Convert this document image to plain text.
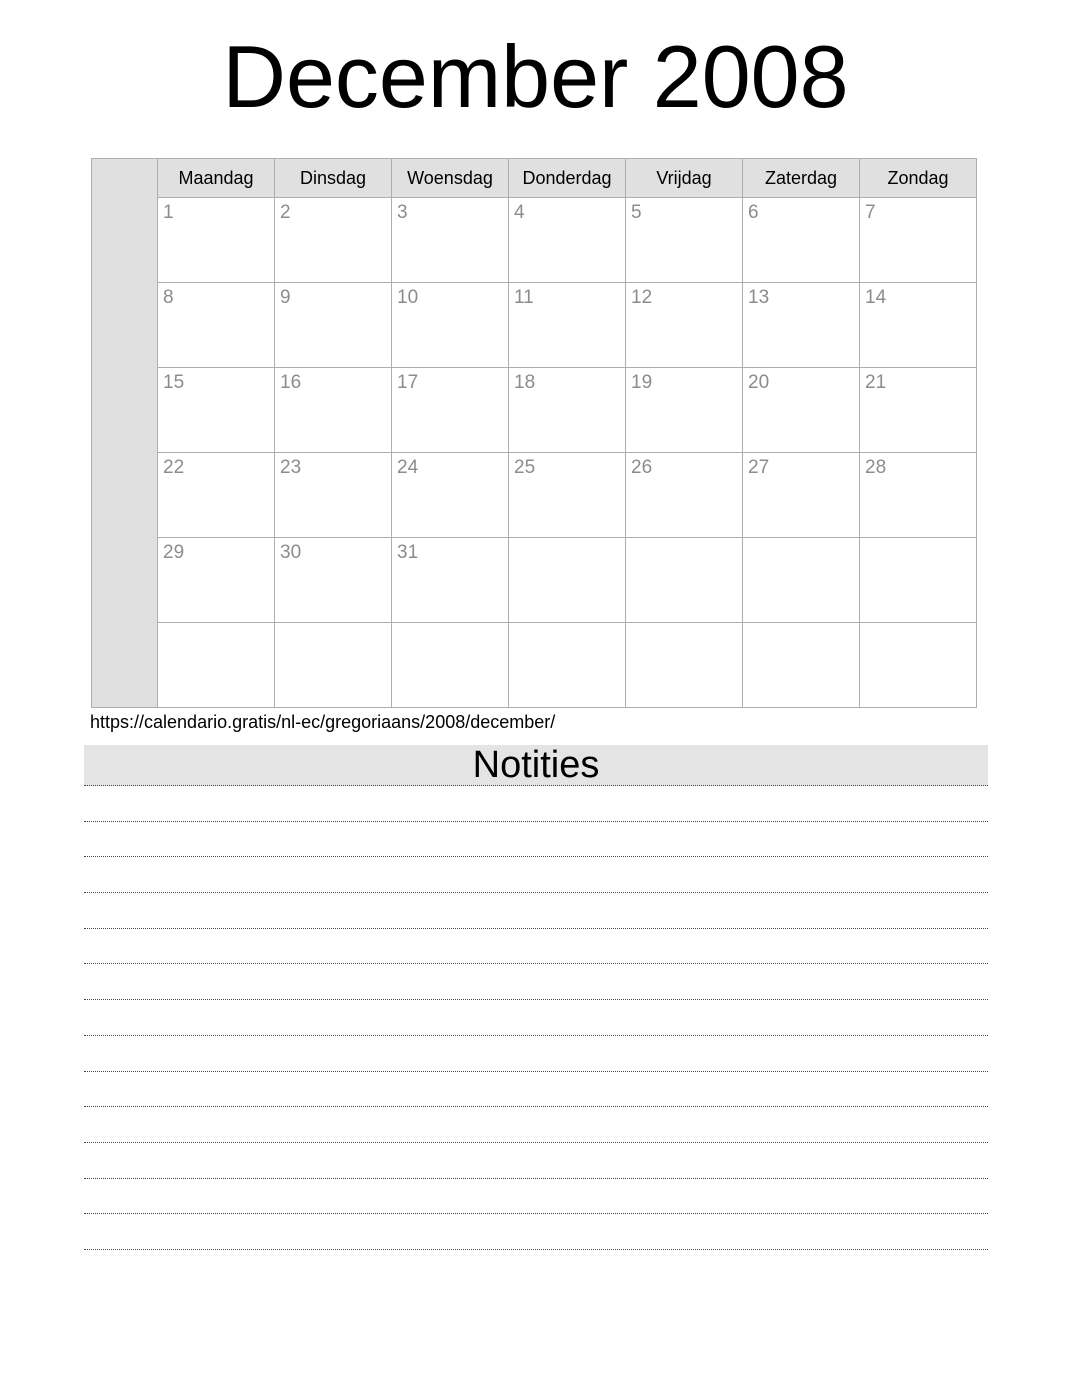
December 2008
	Maandag	Dinsdag	Woensdag	Donderdag	Vrijdag	Zaterdag	Zondag
	1	2	3	4	5	6	7
	8	9	10	11	12	13	14
	15	16	17	18	19	20	21
	22	23	24	25	26	27	28
	29	30	31				

https://calendario.gratis/nl-ec/gregoriaans/2008/december/
Notities
